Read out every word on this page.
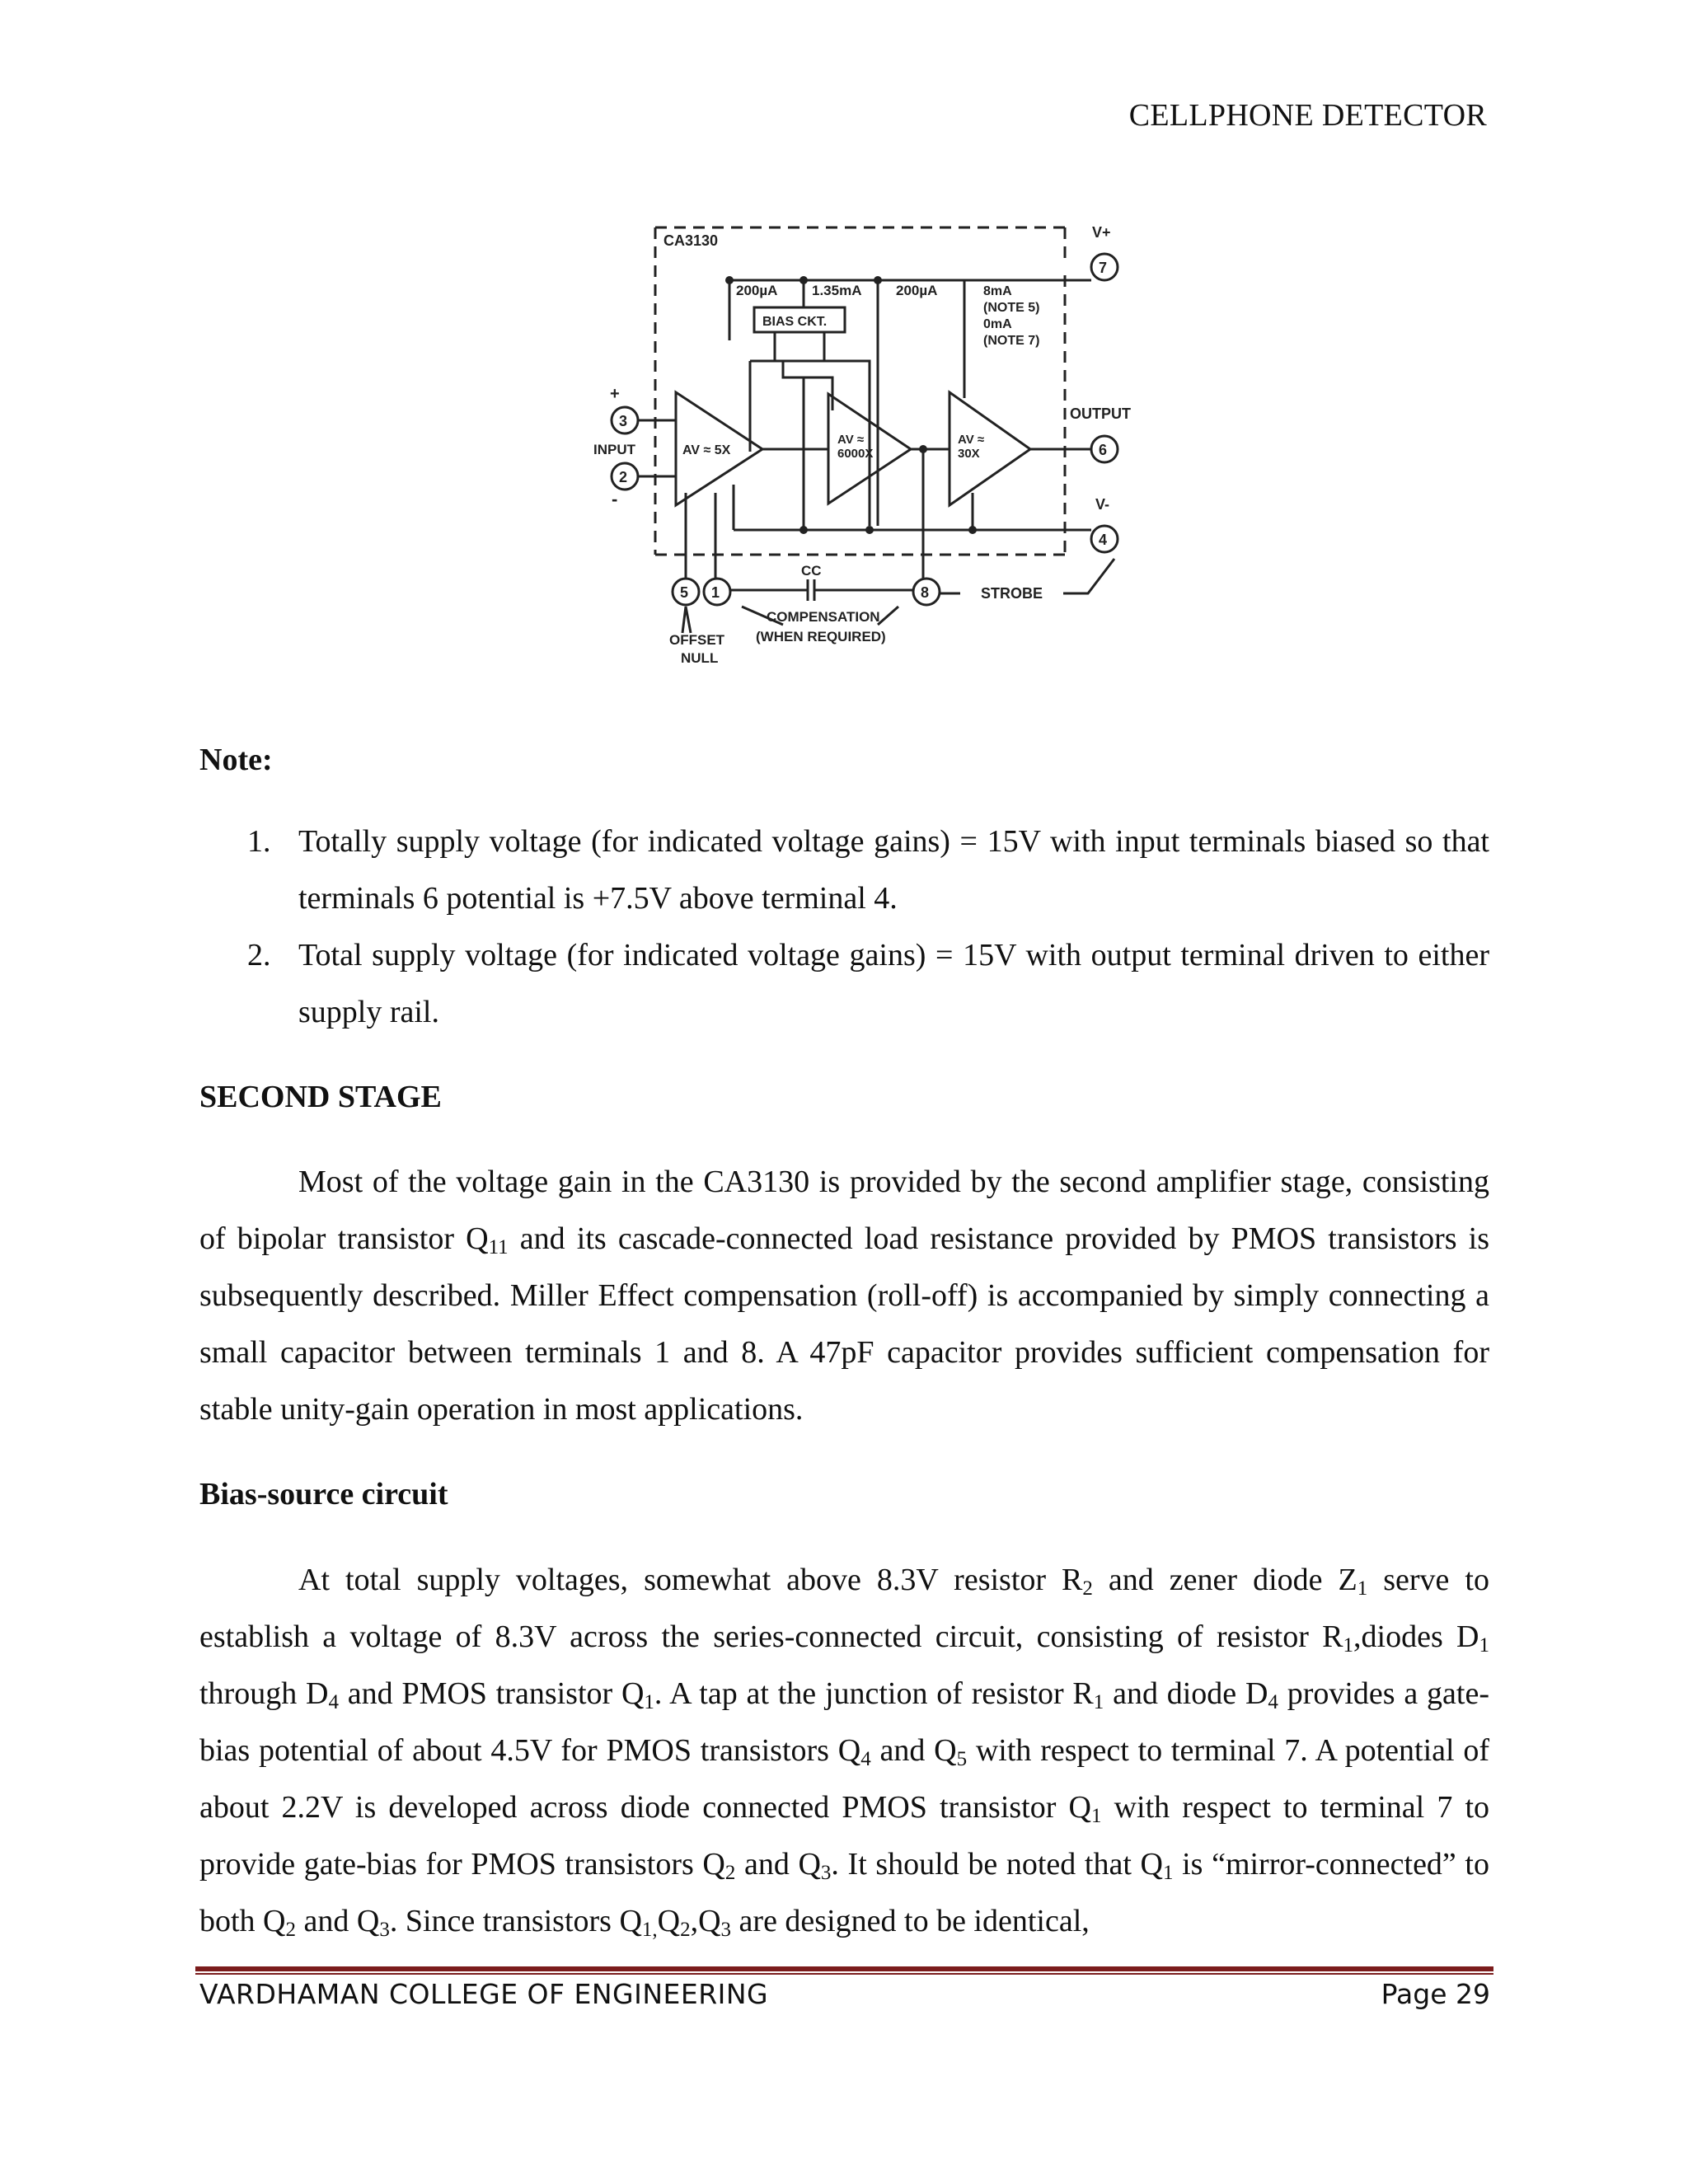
CELLPHONE DETECTOR
CA3130	V+
7
200µA 1.35mA 200µA	8mA
(NOTE 5)
0mA
(NOTE 7)
BIAS CKT.
+
-
3
2
INPUT	AV ≈ 5X
AV ≈
6000X
AV ≈
30X
OUTPUT
6
V-
4
5 1	8
CC
STROBE
COMPENSATION
(WHEN REQUIRED)
OFFSET
NULL
Note:
1. Totally supply voltage (for indicated voltage gains) = 15V with input terminals biased so that terminals 6 potential is +7.5V above terminal 4.
2. Total supply voltage (for indicated voltage gains) = 15V with output terminal driven to either supply rail.
SECOND STAGE
Most of the voltage gain in the CA3130 is provided by the second amplifier stage, consisting of bipolar transistor $Q_{11}$ and its cascade-connected load resistance provided by PMOS transistors is subsequently described. Miller Effect compensation (roll-off) is accompanied by simply connecting a small capacitor between terminals 1 and 8. A 47pF capacitor provides sufficient compensation for stable unity-gain operation in most applications.
Bias-source circuit
At total supply voltages, somewhat above 8.3V resistor $R_2$ and zener diode $Z_1$ serve to establish a voltage of 8.3V across the series-connected circuit, consisting of resistor $R_1,diodes$ $D_1$ through $D_4$ and PMOS transistor $Q_1$. A tap at the junction of resistor $R_1$ and diode $D_4$ provides a gate-bias potential of about 4.5V for PMOS transistors $Q_4$ and $Q_5$ with respect to terminal 7. A potential of about 2.2V is developed across diode connected PMOS transistor $Q_1$ with respect to terminal 7 to provide gate-bias for PMOS transistors $Q_2$ and $Q_3$. It should be noted that $Q_1$ is “mirror-connected” to both $Q_2$ and $Q_3$. Since transistors $Q_{1,}Q_2,Q_3$ are designed to be identical,
VARDHAMAN COLLEGE OF ENGINEERING	Page 29
